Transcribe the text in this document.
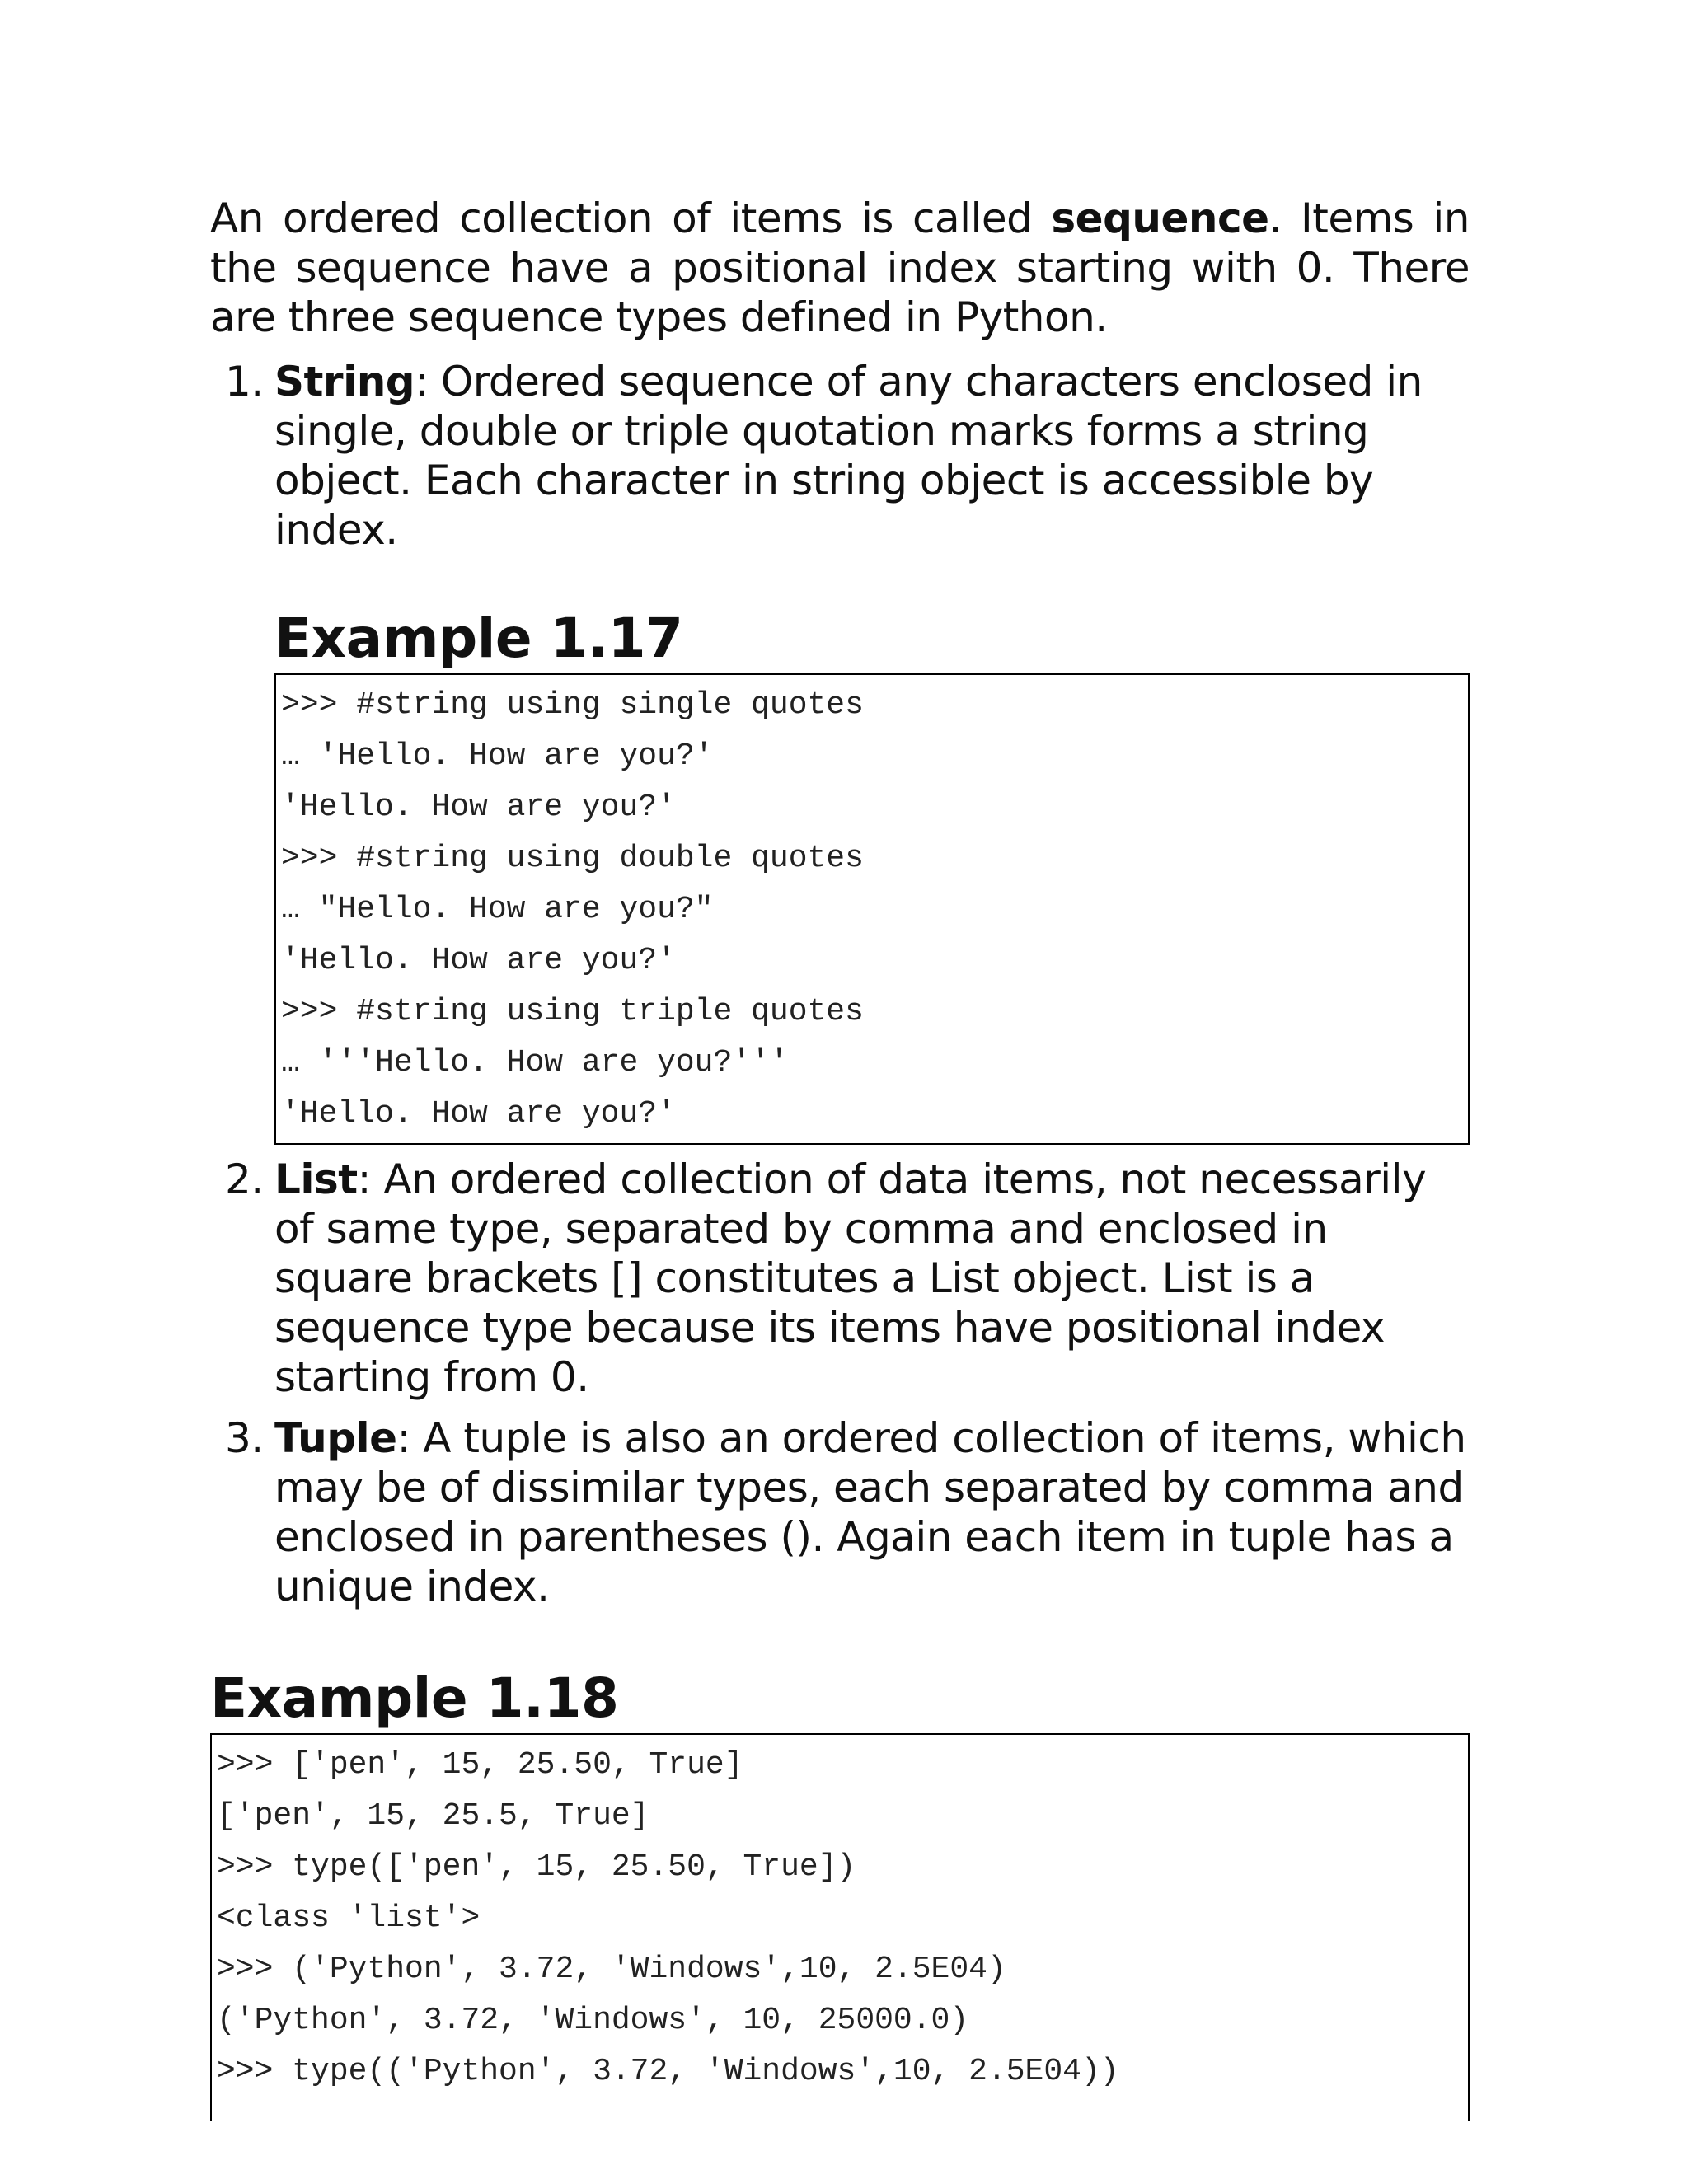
An ordered collection of items is called sequence. Items in the sequence have a positional index starting with 0. There are three sequence types defined in Python.

1. String: Ordered sequence of any characters enclosed in single, double or triple quotation marks forms a string object. Each character in string object is accessible by index.
Example 1.17
>>> #string using single quotes
… 'Hello. How are you?'
'Hello. How are you?'
>>> #string using double quotes
… "Hello. How are you?"
'Hello. How are you?'
>>> #string using triple quotes
… '''Hello. How are you?'''
'Hello. How are you?'
2. List: An ordered collection of data items, not necessarily of same type, separated by comma and enclosed in square brackets [] constitutes a List object. List is a sequence type because its items have positional index starting from 0.
3. Tuple: A tuple is also an ordered collection of items, which may be of dissimilar types, each separated by comma and enclosed in parentheses (). Again each item in tuple has a unique index.
Example 1.18
>>> ['pen', 15, 25.50, True]
['pen', 15, 25.5, True]
>>> type(['pen', 15, 25.50, True])
<class 'list'>
>>> ('Python', 3.72, 'Windows',10, 2.5E04)
('Python', 3.72, 'Windows', 10, 25000.0)
>>> type(('Python', 3.72, 'Windows',10, 2.5E04))
